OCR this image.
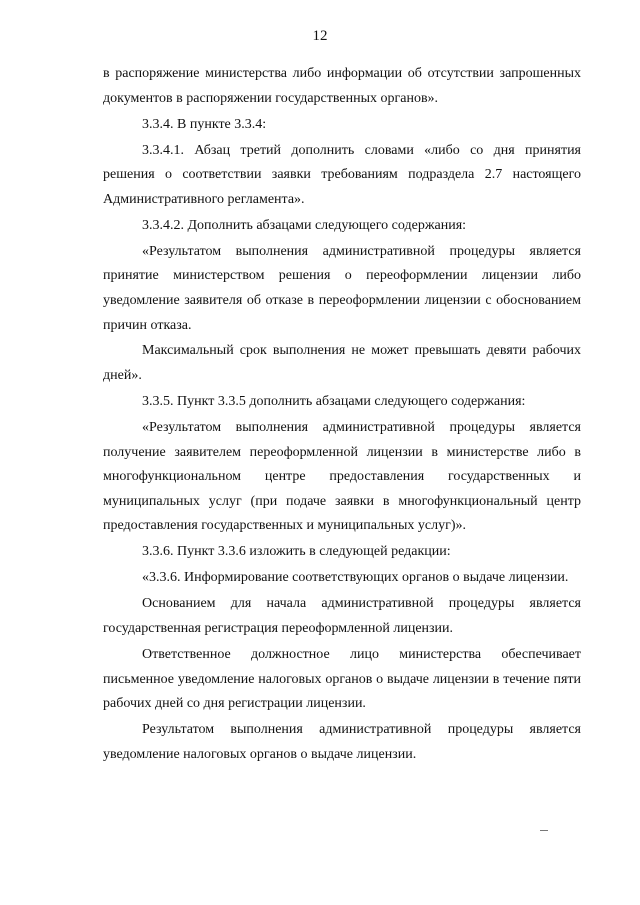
12

в распоряжение министерства либо информации об отсутствии запрошенных документов в распоряжении государственных органов».

3.3.4. В пункте 3.3.4:

3.3.4.1. Абзац третий дополнить словами «либо со дня принятия решения о соответствии заявки требованиям подраздела 2.7 настоящего Административного регламента».

3.3.4.2. Дополнить абзацами следующего содержания:

«Результатом выполнения административной процедуры является принятие министерством решения о переоформлении лицензии либо уведомление заявителя об отказе в переоформлении лицензии с обоснованием причин отказа.

Максимальный срок выполнения не может превышать девяти рабочих дней».

3.3.5. Пункт 3.3.5 дополнить абзацами следующего содержания:

«Результатом выполнения административной процедуры является получение заявителем переоформленной лицензии в министерстве либо в многофункциональном центре предоставления государственных и муниципальных услуг (при подаче заявки в многофункциональный центр предоставления государственных и муниципальных услуг)».

3.3.6. Пункт 3.3.6 изложить в следующей редакции:

«3.3.6. Информирование соответствующих органов о выдаче лицензии.

Основанием для начала административной процедуры является государственная регистрация переоформленной лицензии.

Ответственное должностное лицо министерства обеспечивает письменное уведомление налоговых органов о выдаче лицензии в течение пяти рабочих дней со дня регистрации лицензии.

Результатом выполнения административной процедуры является уведомление налоговых органов о выдаче лицензии.
